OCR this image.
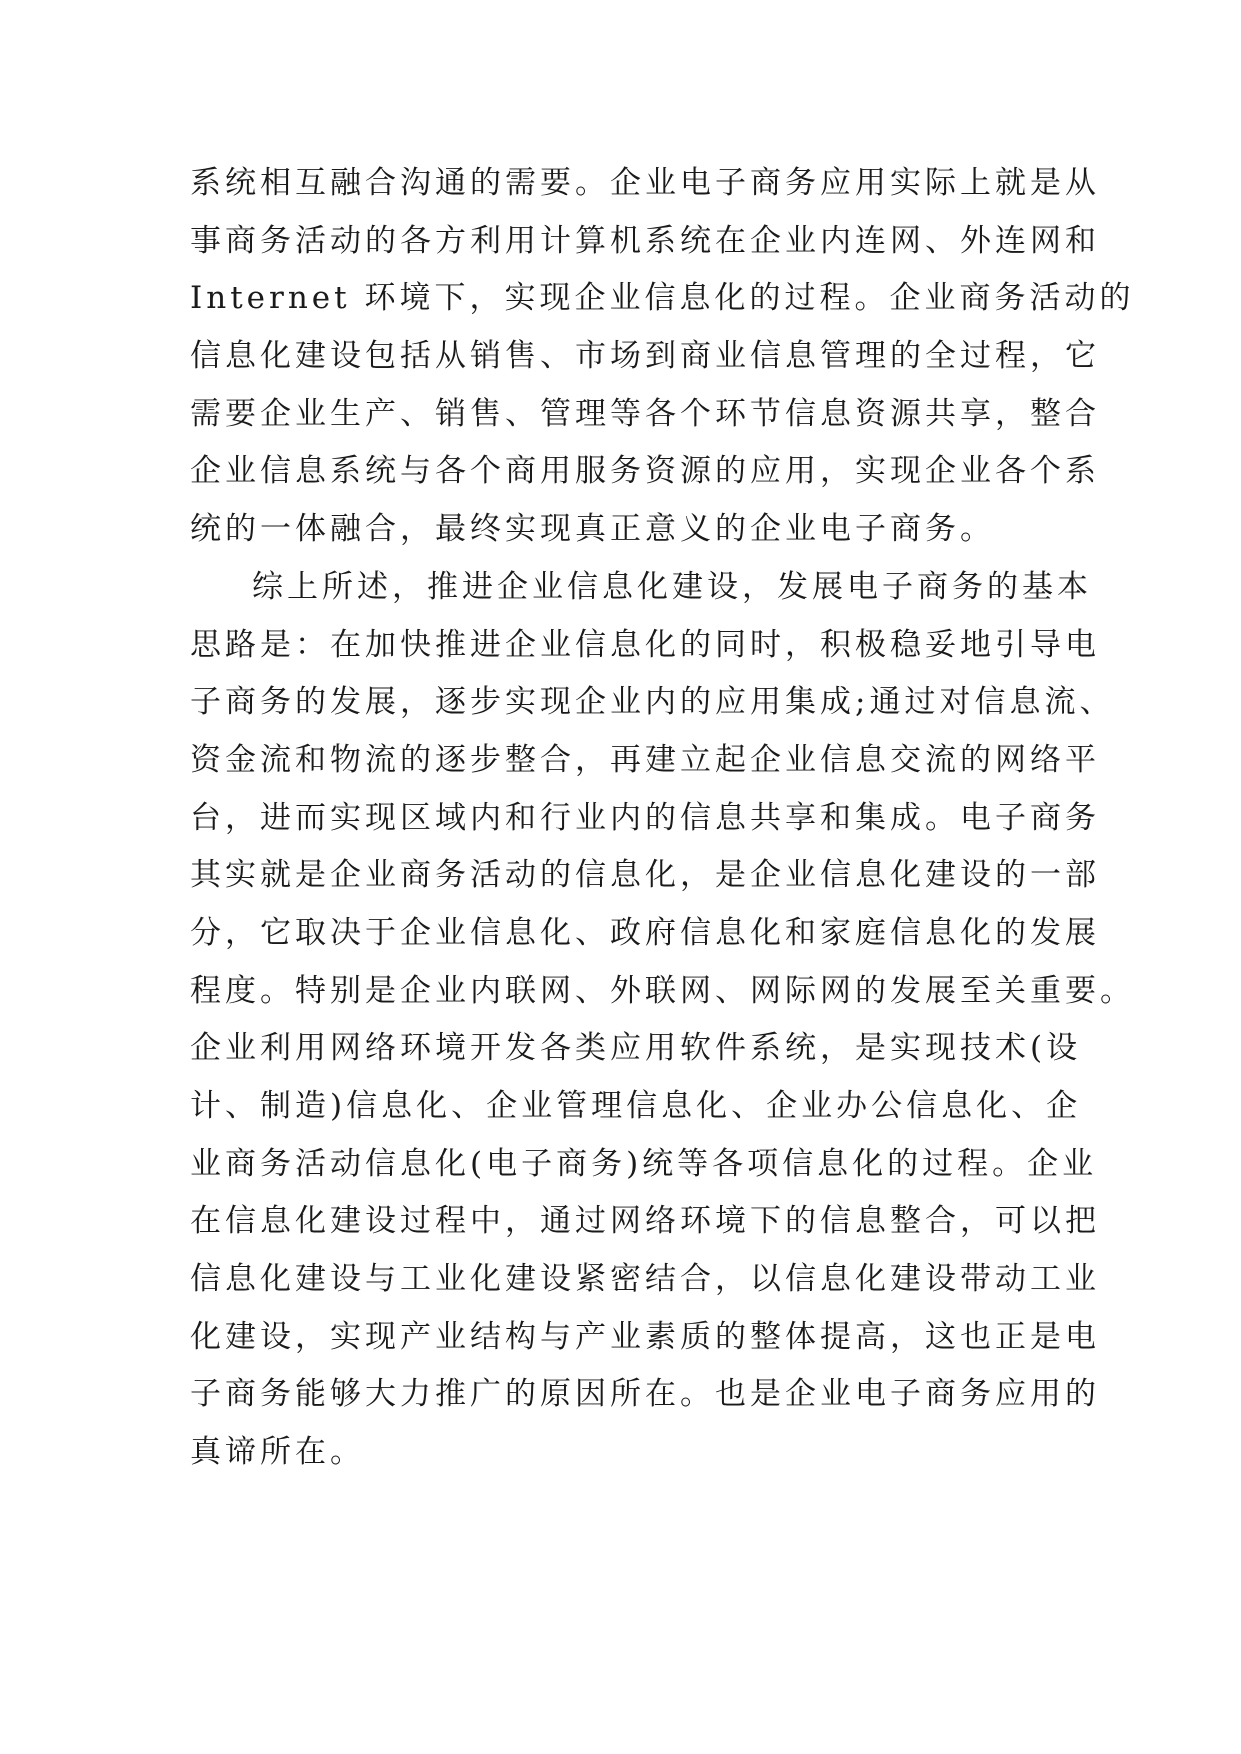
系统相互融合沟通的需要。企业电子商务应用实际上就是从
事商务活动的各方利用计算机系统在企业内连网、外连网和
Internet 环境下，实现企业信息化的过程。企业商务活动的
信息化建设包括从销售、市场到商业信息管理的全过程，它
需要企业生产、销售、管理等各个环节信息资源共享，整合
企业信息系统与各个商用服务资源的应用，实现企业各个系
统的一体融合，最终实现真正意义的企业电子商务。
综上所述，推进企业信息化建设，发展电子商务的基本
思路是：在加快推进企业信息化的同时，积极稳妥地引导电
子商务的发展，逐步实现企业内的应用集成;通过对信息流、
资金流和物流的逐步整合，再建立起企业信息交流的网络平
台，进而实现区域内和行业内的信息共享和集成。电子商务
其实就是企业商务活动的信息化，是企业信息化建设的一部
分，它取决于企业信息化、政府信息化和家庭信息化的发展
程度。特别是企业内联网、外联网、网际网的发展至关重要。
企业利用网络环境开发各类应用软件系统，是实现技术(设
计、制造)信息化、企业管理信息化、企业办公信息化、企
业商务活动信息化(电子商务)统等各项信息化的过程。企业
在信息化建设过程中，通过网络环境下的信息整合，可以把
信息化建设与工业化建设紧密结合，以信息化建设带动工业
化建设，实现产业结构与产业素质的整体提高，这也正是电
子商务能够大力推广的原因所在。也是企业电子商务应用的
真谛所在。
